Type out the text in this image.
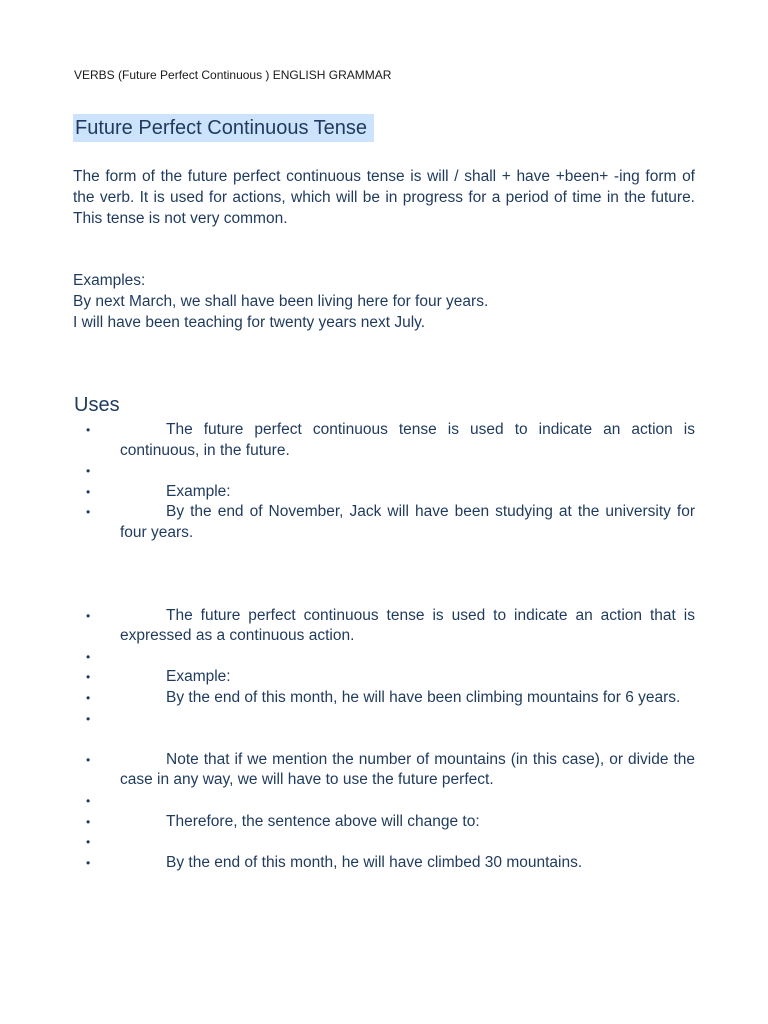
VERBS (Future Perfect Continuous ) ENGLISH GRAMMAR
Future Perfect Continuous Tense
The form of the future perfect continuous tense is will / shall + have +been+ -ing form of the verb. It is used for actions, which will be in progress for a period of time in the future. This tense is not very common.
Examples:
By next March, we shall have been living here for four years.
I will have been teaching for twenty years next July.
Uses
•	The future perfect continuous tense is used to indicate an action is continuous, in the future.
•
•	Example:
•	By the end of November, Jack will have been studying at the university for four years.
•	The future perfect continuous tense is used to indicate an action that is expressed as a continuous action.
•
•	Example:
•	By the end of this month, he will have been climbing mountains for 6 years.
•
•	Note that if we mention the number of mountains (in this case), or divide the case in any way, we will have to use the future perfect.
•
•	Therefore, the sentence above will change to:
•
•	By the end of this month, he will have climbed 30 mountains.
